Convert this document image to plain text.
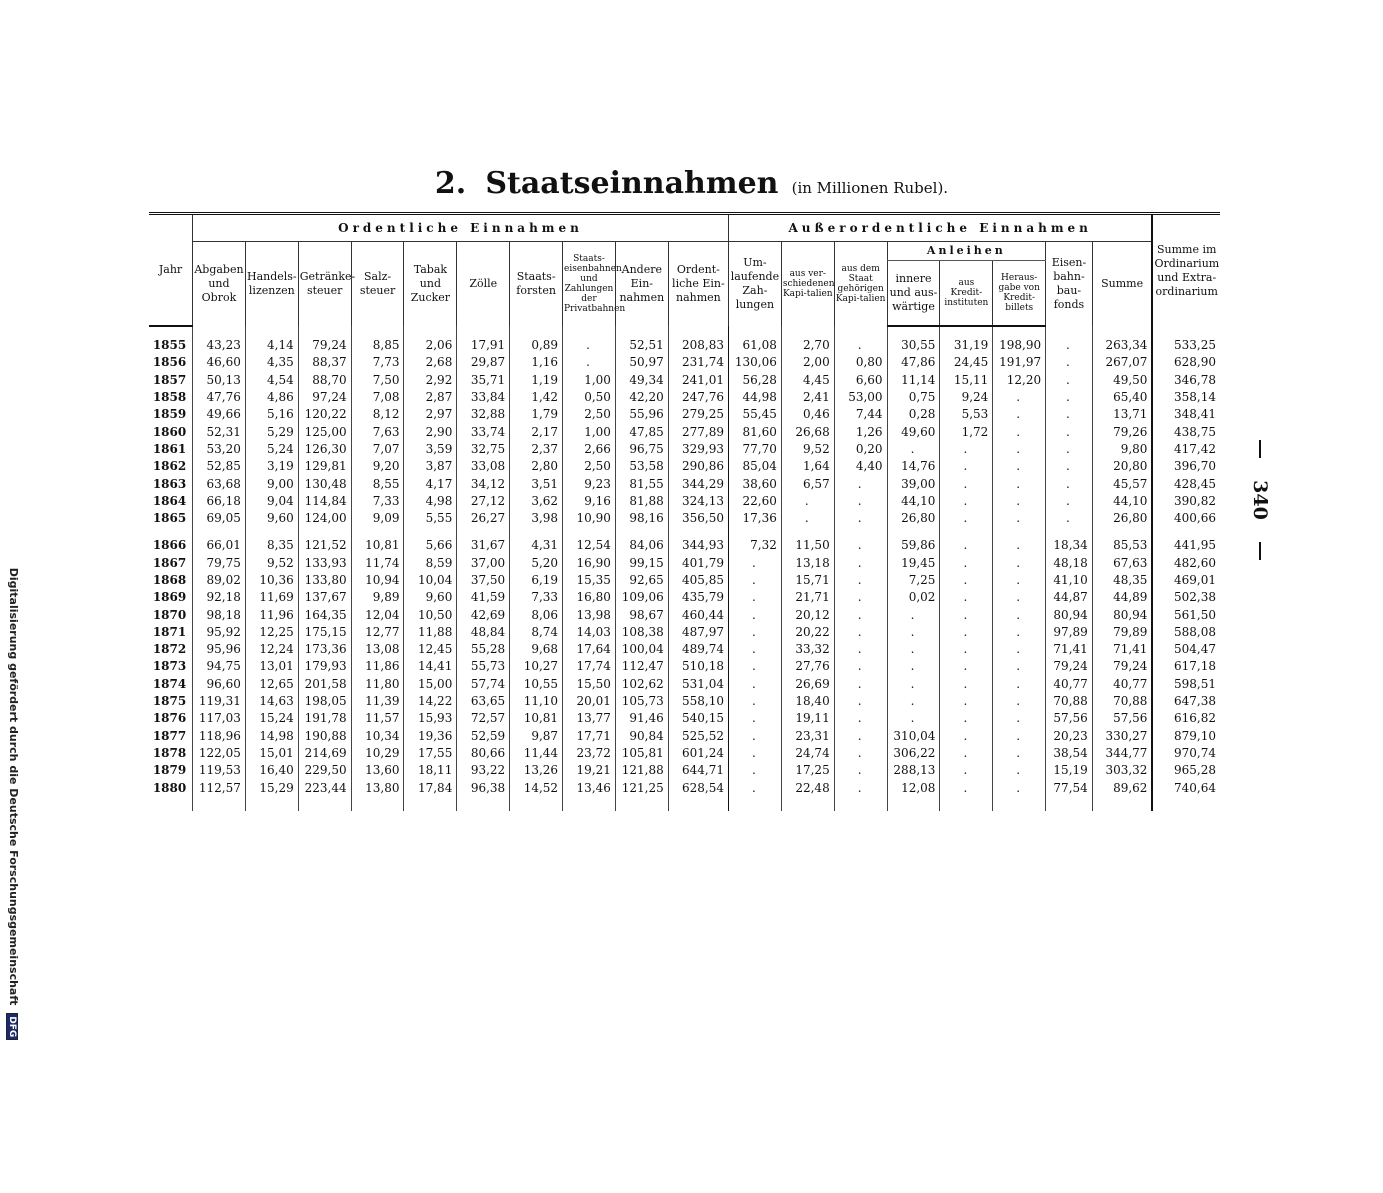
2. Staatseinnahmen (in Millionen Rubel).
340
Digitalisierung gefördert durch die Deutsche Forschungsgemeinschaft DFG
Jahr	Ordentliche Einnahmen										Außerordentliche Einnahmen								Summe im Ordinarium und Extra-ordinarium
	Abgaben und Obrok	Handels-lizenzen	Getränke-steuer	Salz-steuer	Tabak und Zucker	Zölle	Staats-forsten	Staats-eisenbahnen und Zahlungen der Privatbahnen	Andere Ein-nahmen	Ordent-liche Ein-nahmen	Um-laufende Zah-lungen	aus ver-schiedenen Kapi-talien	aus dem Staat gehörigen Kapi-talien	Anleihen			Eisen-bahn-bau-fonds	Summe	
														innere und aus-wärtige	aus Kredit-instituten	Heraus-gabe von Kredit-billets			
1855	43,23	4,14	79,24	8,85	2,06	17,91	0,89	.	52,51	208,83	61,08	2,70	.	30,55	31,19	198,90	.	263,34	533,25
1856	46,60	4,35	88,37	7,73	2,68	29,87	1,16	.	50,97	231,74	130,06	2,00	0,80	47,86	24,45	191,97	.	267,07	628,90
1857	50,13	4,54	88,70	7,50	2,92	35,71	1,19	1,00	49,34	241,01	56,28	4,45	6,60	11,14	15,11	12,20	.	49,50	346,78
1858	47,76	4,86	97,24	7,08	2,87	33,84	1,42	0,50	42,20	247,76	44,98	2,41	53,00	0,75	9,24	.	.	65,40	358,14
1859	49,66	5,16	120,22	8,12	2,97	32,88	1,79	2,50	55,96	279,25	55,45	0,46	7,44	0,28	5,53	.	.	13,71	348,41
1860	52,31	5,29	125,00	7,63	2,90	33,74	2,17	1,00	47,85	277,89	81,60	26,68	1,26	49,60	1,72	.	.	79,26	438,75
1861	53,20	5,24	126,30	7,07	3,59	32,75	2,37	2,66	96,75	329,93	77,70	9,52	0,20	.	.	.	.	9,80	417,42
1862	52,85	3,19	129,81	9,20	3,87	33,08	2,80	2,50	53,58	290,86	85,04	1,64	4,40	14,76	.	.	.	20,80	396,70
1863	63,68	9,00	130,48	8,55	4,17	34,12	3,51	9,23	81,55	344,29	38,60	6,57	.	39,00	.	.	.	45,57	428,45
1864	66,18	9,04	114,84	7,33	4,98	27,12	3,62	9,16	81,88	324,13	22,60	.	.	44,10	.	.	.	44,10	390,82
1865	69,05	9,60	124,00	9,09	5,55	26,27	3,98	10,90	98,16	356,50	17,36	.	.	26,80	.	.	.	26,80	400,66
1866	66,01	8,35	121,52	10,81	5,66	31,67	4,31	12,54	84,06	344,93	7,32	11,50	.	59,86	.	.	18,34	85,53	441,95
1867	79,75	9,52	133,93	11,74	8,59	37,00	5,20	16,90	99,15	401,79	.	13,18	.	19,45	.	.	48,18	67,63	482,60
1868	89,02	10,36	133,80	10,94	10,04	37,50	6,19	15,35	92,65	405,85	.	15,71	.	7,25	.	.	41,10	48,35	469,01
1869	92,18	11,69	137,67	9,89	9,60	41,59	7,33	16,80	109,06	435,79	.	21,71	.	0,02	.	.	44,87	44,89	502,38
1870	98,18	11,96	164,35	12,04	10,50	42,69	8,06	13,98	98,67	460,44	.	20,12	.	.	.	.	80,94	80,94	561,50
1871	95,92	12,25	175,15	12,77	11,88	48,84	8,74	14,03	108,38	487,97	.	20,22	.	.	.	.	97,89	79,89	588,08
1872	95,96	12,24	173,36	13,08	12,45	55,28	9,68	17,64	100,04	489,74	.	33,32	.	.	.	.	71,41	71,41	504,47
1873	94,75	13,01	179,93	11,86	14,41	55,73	10,27	17,74	112,47	510,18	.	27,76	.	.	.	.	79,24	79,24	617,18
1874	96,60	12,65	201,58	11,80	15,00	57,74	10,55	15,50	102,62	531,04	.	26,69	.	.	.	.	40,77	40,77	598,51
1875	119,31	14,63	198,05	11,39	14,22	63,65	11,10	20,01	105,73	558,10	.	18,40	.	.	.	.	70,88	70,88	647,38
1876	117,03	15,24	191,78	11,57	15,93	72,57	10,81	13,77	91,46	540,15	.	19,11	.	.	.	.	57,56	57,56	616,82
1877	118,96	14,98	190,88	10,34	19,36	52,59	9,87	17,71	90,84	525,52	.	23,31	.	310,04	.	.	20,23	330,27	879,10
1878	122,05	15,01	214,69	10,29	17,55	80,66	11,44	23,72	105,81	601,24	.	24,74	.	306,22	.	.	38,54	344,77	970,74
1879	119,53	16,40	229,50	13,60	18,11	93,22	13,26	19,21	121,88	644,71	.	17,25	.	288,13	.	.	15,19	303,32	965,28
1880	112,57	15,29	223,44	13,80	17,84	96,38	14,52	13,46	121,25	628,54	.	22,48	.	12,08	.	.	77,54	89,62	740,64
